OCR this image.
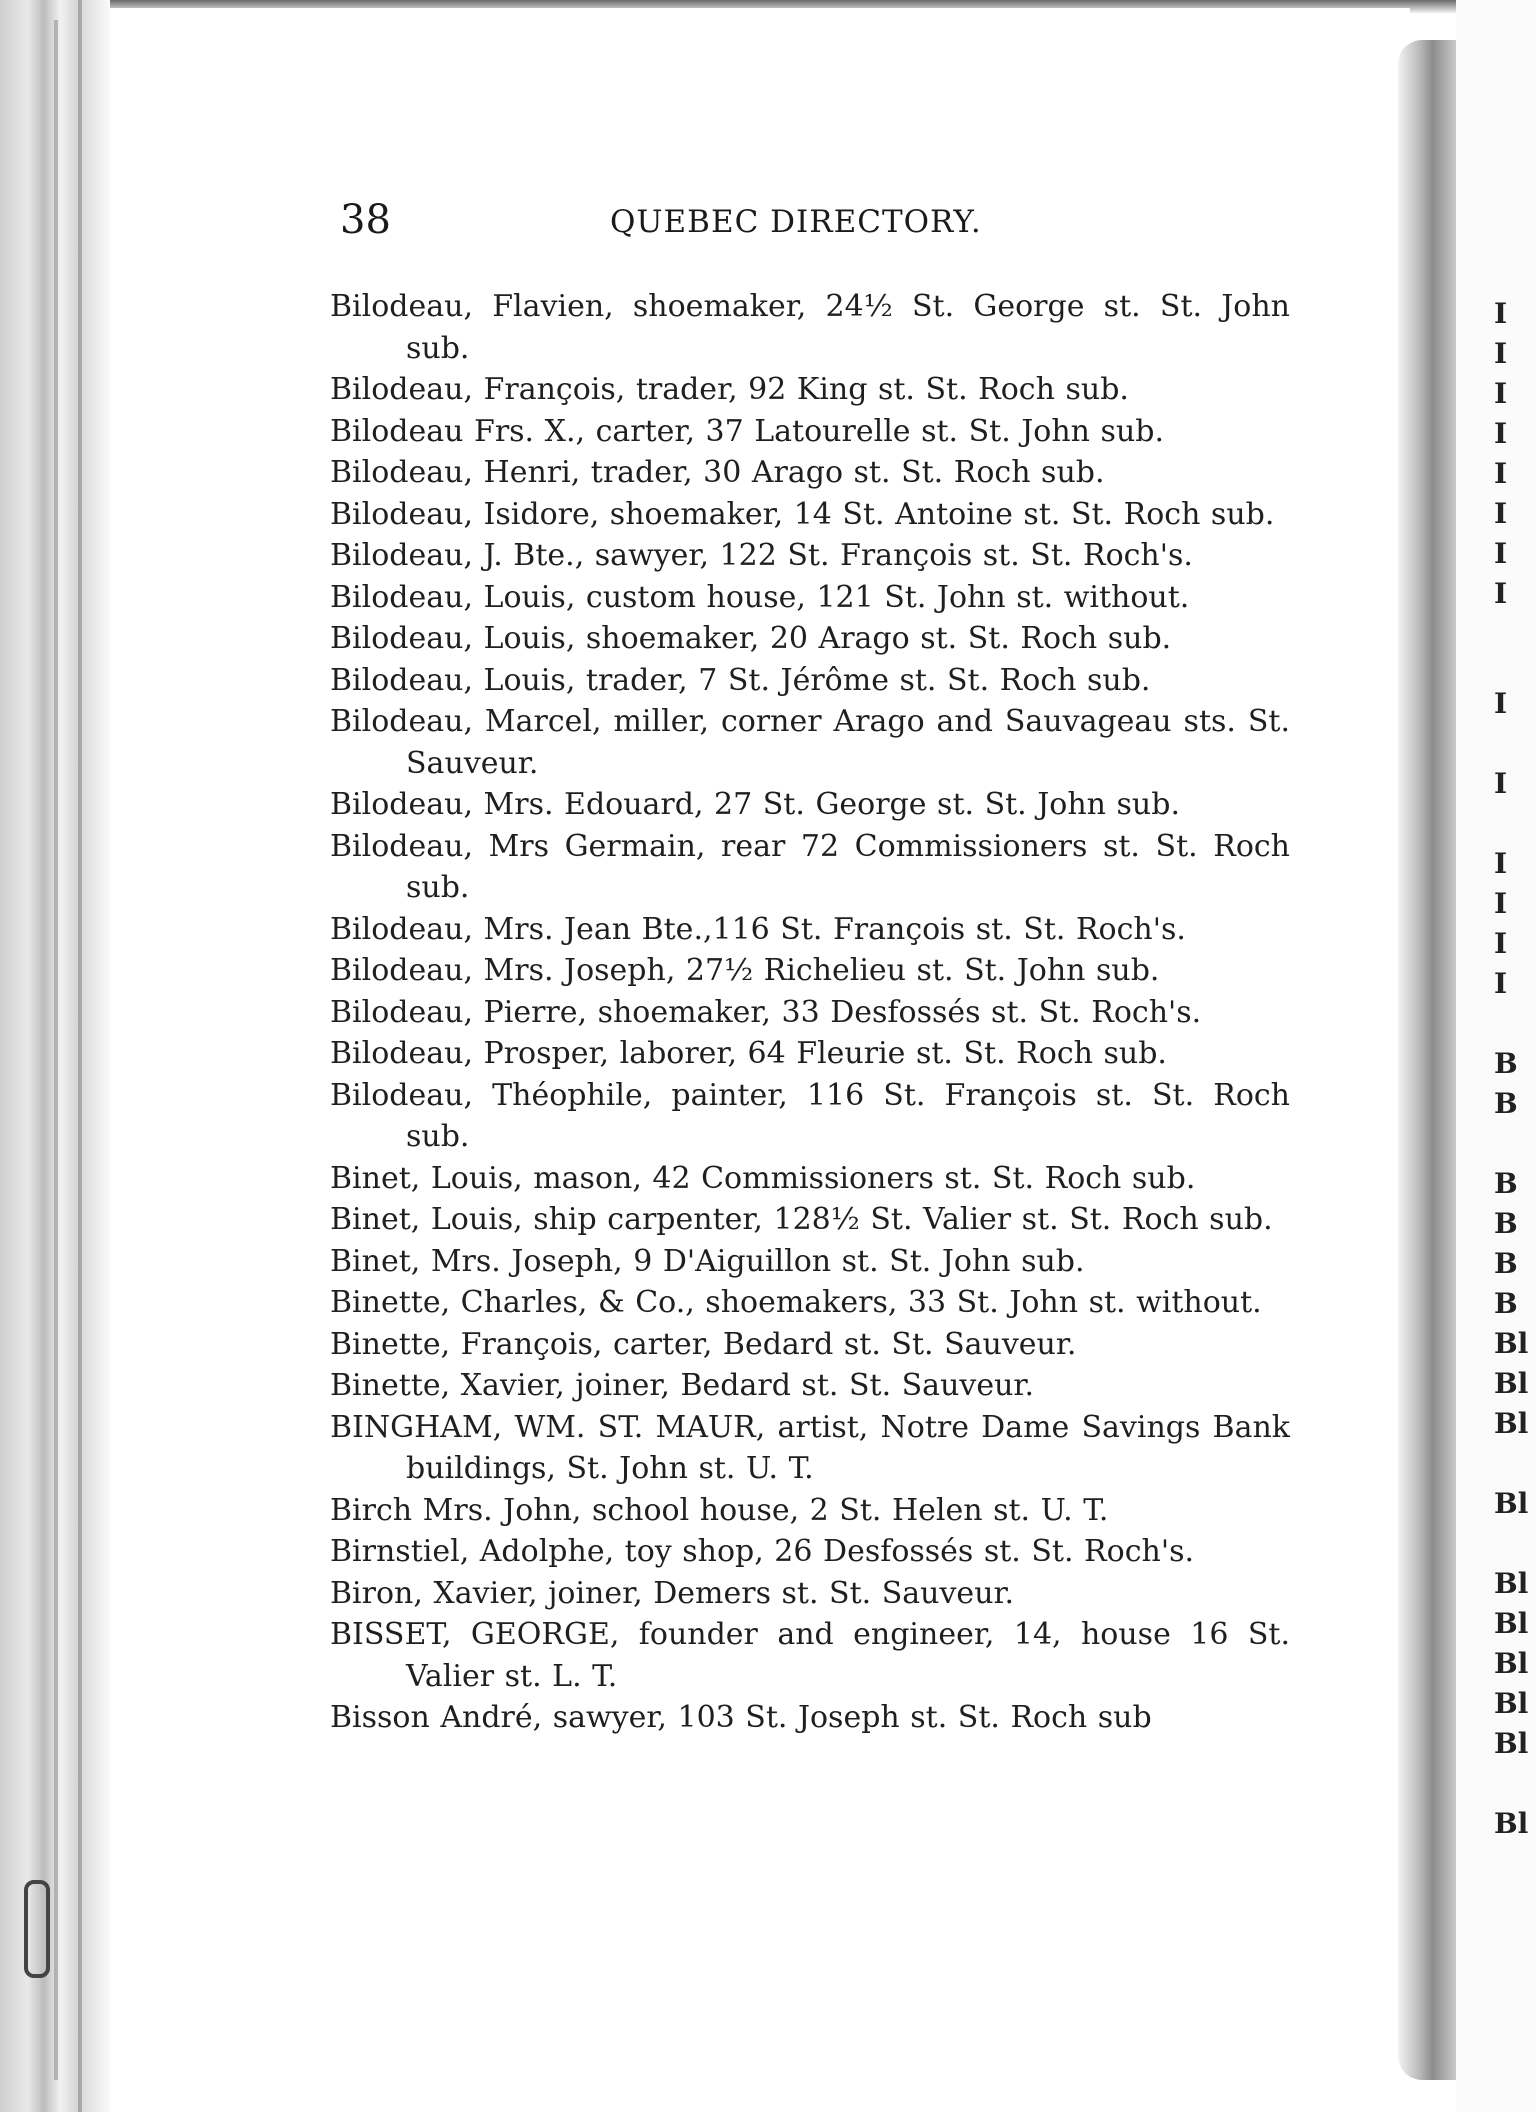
38	QUEBEC DIRECTORY.

Bilodeau, Flavien, shoemaker, 24½ St. George st. St. John sub.

Bilodeau, François, trader, 92 King st. St. Roch sub.

Bilodeau Frs. X., carter, 37 Latourelle st. St. John sub.

Bilodeau, Henri, trader, 30 Arago st. St. Roch sub.

Bilodeau, Isidore, shoemaker, 14 St. Antoine st. St. Roch sub.

Bilodeau, J. Bte., sawyer, 122 St. François st. St. Roch's.

Bilodeau, Louis, custom house, 121 St. John st. without.

Bilodeau, Louis, shoemaker, 20 Arago st. St. Roch sub.

Bilodeau, Louis, trader, 7 St. Jérôme st. St. Roch sub.

Bilodeau, Marcel, miller, corner Arago and Sauvageau sts. St. Sauveur.

Bilodeau, Mrs. Edouard, 27 St. George st. St. John sub.

Bilodeau, Mrs Germain, rear 72 Commissioners st. St. Roch sub.

Bilodeau, Mrs. Jean Bte.,116 St. François st. St. Roch's.

Bilodeau, Mrs. Joseph, 27½ Richelieu st. St. John sub.

Bilodeau, Pierre, shoemaker, 33 Desfossés st. St. Roch's.

Bilodeau, Prosper, laborer, 64 Fleurie st. St. Roch sub.

Bilodeau, Théophile, painter, 116 St. François st. St. Roch sub.

Binet, Louis, mason, 42 Commissioners st. St. Roch sub.

Binet, Louis, ship carpenter, 128½ St. Valier st. St. Roch sub.

Binet, Mrs. Joseph, 9 D'Aiguillon st. St. John sub.

Binette, Charles, & Co., shoemakers, 33 St. John st. without.

Binette, François, carter, Bedard st. St. Sauveur.

Binette, Xavier, joiner, Bedard st. St. Sauveur.

BINGHAM, WM. ST. MAUR, artist, Notre Dame Savings Bank buildings, St. John st. U. T.

Birch Mrs. John, school house, 2 St. Helen st. U. T.

Birnstiel, Adolphe, toy shop, 26 Desfossés st. St. Roch's.

Biron, Xavier, joiner, Demers st. St. Sauveur.

BISSET, GEORGE, founder and engineer, 14, house 16 St. Valier st. L. T.

Bisson André, sawyer, 103 St. Joseph st. St. Roch sub

I
I
I
I
I
I
I
I
I
I
I
I
I
I
B
B
B
B
B
B
Bl
Bl
Bl
Bl
Bl
Bl
Bl
Bl
Bl
Bl
